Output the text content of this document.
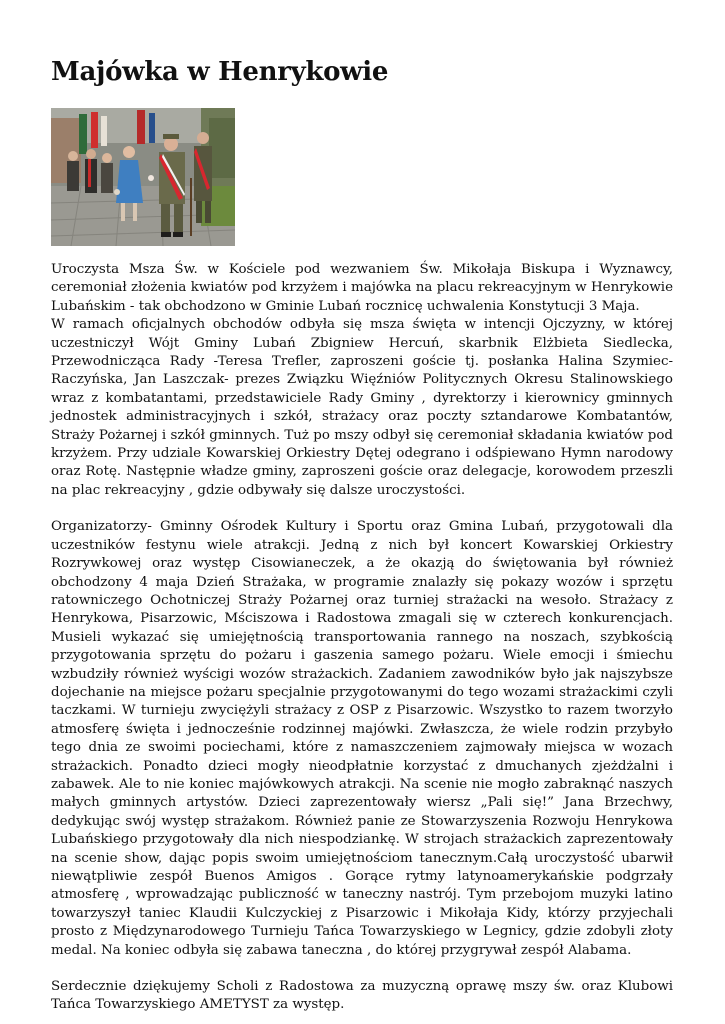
Majówka w Henrykowie

Uroczysta Msza Św. w Kościele pod wezwaniem Św. Mikołaja Biskupa i Wyznawcy, ceremoniał złożenia kwiatów pod krzyżem i majówka na placu rekreacyjnym w Henrykowie Lubańskim - tak obchodzono w Gminie Lubań rocznicę uchwalenia Konstytucji 3 Maja.

W ramach oficjalnych obchodów odbyła się msza święta w intencji Ojczyzny, w której uczestniczył Wójt Gminy Lubań Zbigniew Hercuń, skarbnik Elżbieta Siedlecka, Przewodnicząca Rady -Teresa Trefler, zaproszeni goście tj. posłanka Halina Szymiec-Raczyńska, Jan Laszczak- prezes Związku Więźniów Politycznych Okresu Stalinowskiego wraz z kombatantami, przedstawiciele Rady Gminy , dyrektorzy i kierownicy gminnych jednostek administracyjnych i szkół, strażacy oraz poczty sztandarowe Kombatantów, Straży Pożarnej i szkół gminnych. Tuż po mszy odbył się ceremoniał składania kwiatów pod krzyżem. Przy udziale Kowarskiej Orkiestry Dętej odegrano i odśpiewano Hymn narodowy oraz Rotę. Następnie władze gminy, zaproszeni goście oraz delegacje, korowodem przeszli na plac rekreacyjny , gdzie odbywały się dalsze uroczystości.

Organizatorzy- Gminny Ośrodek Kultury i Sportu oraz Gmina Lubań, przygotowali dla uczestników festynu wiele atrakcji. Jedną z nich był koncert Kowarskiej Orkiestry Rozrywkowej oraz występ Cisowianeczek, a że okazją do świętowania był również obchodzony 4 maja Dzień Strażaka, w programie znalazły się pokazy wozów i sprzętu ratowniczego Ochotniczej Straży Pożarnej oraz turniej strażacki na wesoło. Strażacy z Henrykowa, Pisarzowic, Mściszowa i Radostowa zmagali się w czterech konkurencjach. Musieli wykazać się umiejętnością transportowania rannego na noszach, szybkością przygotowania sprzętu do pożaru i gaszenia samego pożaru. Wiele emocji i śmiechu wzbudziły również wyścigi wozów strażackich. Zadaniem zawodników było jak najszybsze dojechanie na miejsce pożaru specjalnie przygotowanymi do tego wozami strażackimi czyli taczkami. W turnieju zwyciężyli strażacy z OSP z Pisarzowic. Wszystko to razem tworzyło atmosferę święta i jednocześnie rodzinnej majówki. Zwłaszcza, że wiele rodzin przybyło tego dnia ze swoimi pociechami, które z namaszczeniem zajmowały miejsca w wozach strażackich. Ponadto dzieci mogły nieodpłatnie korzystać z dmuchanych zjeżdżalni i zabawek. Ale to nie koniec majówkowych atrakcji. Na scenie nie mogło zabraknąć naszych małych gminnych artystów. Dzieci zaprezentowały wiersz „Pali się!” Jana Brzechwy, dedykując swój występ strażakom. Również panie ze Stowarzyszenia Rozwoju Henrykowa Lubańskiego przygotowały dla nich niespodziankę. W strojach strażackich zaprezentowały na scenie show, dając popis swoim umiejętnościom tanecznym.Całą uroczystość ubarwił niewątpliwie zespół Buenos Amigos . Gorące rytmy latynoamerykańskie podgrzały atmosferę , wprowadzając publiczność w taneczny nastrój. Tym przebojom muzyki latino towarzyszył taniec Klaudii Kulczyckiej z Pisarzowic i Mikołaja Kidy, którzy przyjechali prosto z Międzynarodowego Turnieju Tańca Towarzyskiego w Legnicy, gdzie zdobyli złoty medal. Na koniec odbyła się zabawa taneczna , do której przygrywał zespół Alabama.

Serdecznie dziękujemy Scholi z Radostowa za muzyczną oprawę mszy św. oraz Klubowi Tańca Towarzyskiego AMETYST za występ.
